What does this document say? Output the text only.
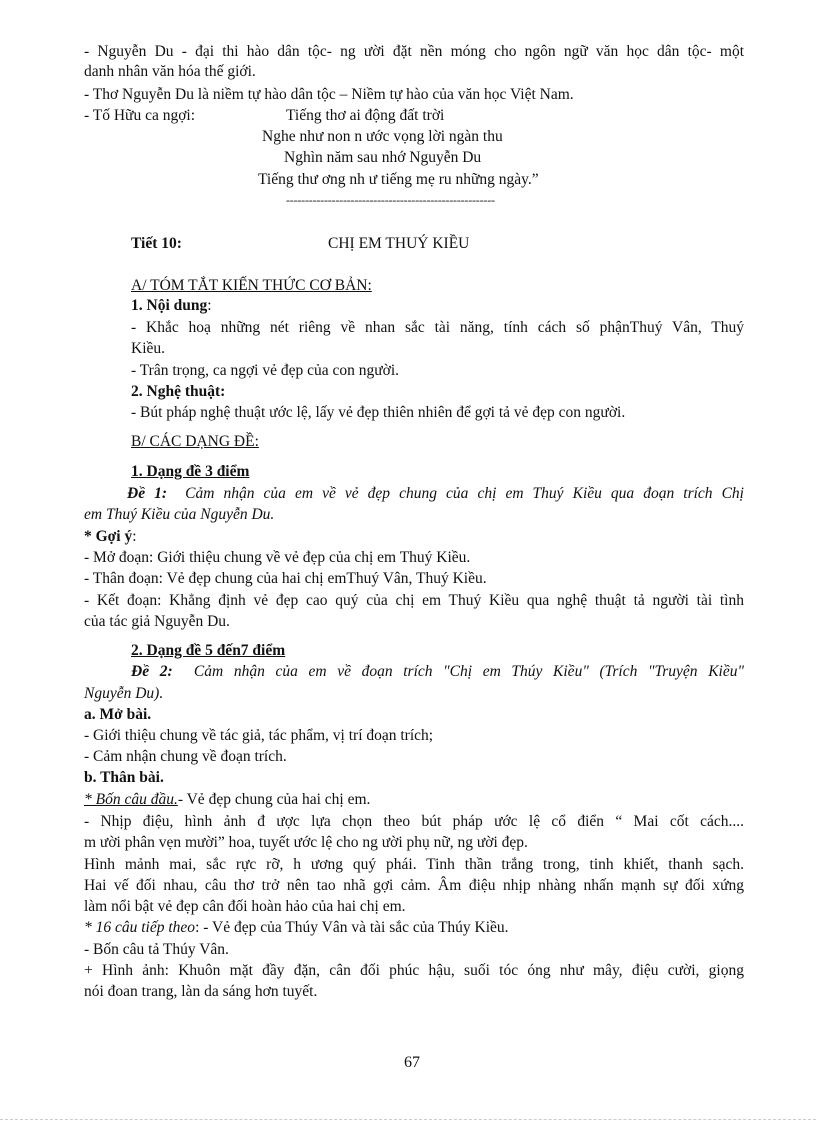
- Nguyễn Du - đại thi hào dân tộc- ng ười đặt nền móng cho ngôn ngữ văn học dân tộc- một
danh nhân văn hóa thế giới.
- Thơ Nguyễn Du là niềm tự hào dân tộc – Niềm tự hào của văn học Việt Nam.
- Tố Hữu ca ngợi:	Tiếng thơ ai động đất trời
Nghe như non n ước vọng lời ngàn thu
Nghìn năm sau nhớ Nguyễn Du
Tiếng thư ơng nh ư tiếng mẹ ru những ngày.”
-------------------------------------------------------
Tiết 10:	CHỊ EM THUÝ KIỀU
A/ TÓM TẮT KIẾN THỨC CƠ BẢN:
1. Nội dung:
- Khắc hoạ những nét riêng về nhan sắc tài năng, tính cách số phậnThuý Vân, Thuý
Kiều.
- Trân trọng, ca ngợi vẻ đẹp của con người.
2. Nghệ thuật:
- Bút pháp nghệ thuật ước lệ, lấy vẻ đẹp thiên nhiên để gợi tả vẻ đẹp con người.
B/ CÁC DẠNG ĐỀ:
1. Dạng đề 3 điểm
Đề 1: Cảm nhận của em về vẻ đẹp chung của chị em Thuý Kiều qua đoạn trích Chị
em Thuý Kiều của Nguyễn Du.
* Gợi ý:
- Mở đoạn: Giới thiệu chung về vẻ đẹp của chị em Thuý Kiều.
- Thân đoạn: Vẻ đẹp chung của hai chị emThuý Vân, Thuý Kiều.
- Kết đoạn: Khẳng định vẻ đẹp cao quý của chị em Thuý Kiều qua nghệ thuật tả người tài tình
của tác giả Nguyễn Du.
2. Dạng đề 5 đến7 điểm
Đề 2: Cảm nhận của em về đoạn trích "Chị em Thúy Kiều" (Trích "Truyện Kiều"
Nguyễn Du).
a. Mở bài.
- Giới thiệu chung về tác giả, tác phẩm, vị trí đoạn trích;
- Cảm nhận chung về đoạn trích.
b. Thân bài.
* Bốn câu đầu.- Vẻ đẹp chung của hai chị em.
- Nhịp điệu, hình ảnh đ ược lựa chọn theo bút pháp ước lệ cổ điển “ Mai cốt cách....
m ười phân vẹn mười” hoa, tuyết ước lệ cho ng ười phụ nữ, ng ười đẹp.
Hình mảnh mai, sắc rực rỡ, h ương quý phái. Tinh thần trắng trong, tinh khiết, thanh sạch.
Hai vế đối nhau, câu thơ trở nên tao nhã gợi cảm. Âm điệu nhịp nhàng nhấn mạnh sự đối xứng
làm nổi bật vẻ đẹp cân đối hoàn hảo của hai chị em.
* 16 câu tiếp theo: - Vẻ đẹp của Thúy Vân và tài sắc của Thúy Kiều.
- Bốn câu tả Thúy Vân.
+ Hình ảnh: Khuôn mặt đầy đặn, cân đối phúc hậu, suối tóc óng như mây, điệu cười, giọng
nói đoan trang, làn da sáng hơn tuyết.
67
